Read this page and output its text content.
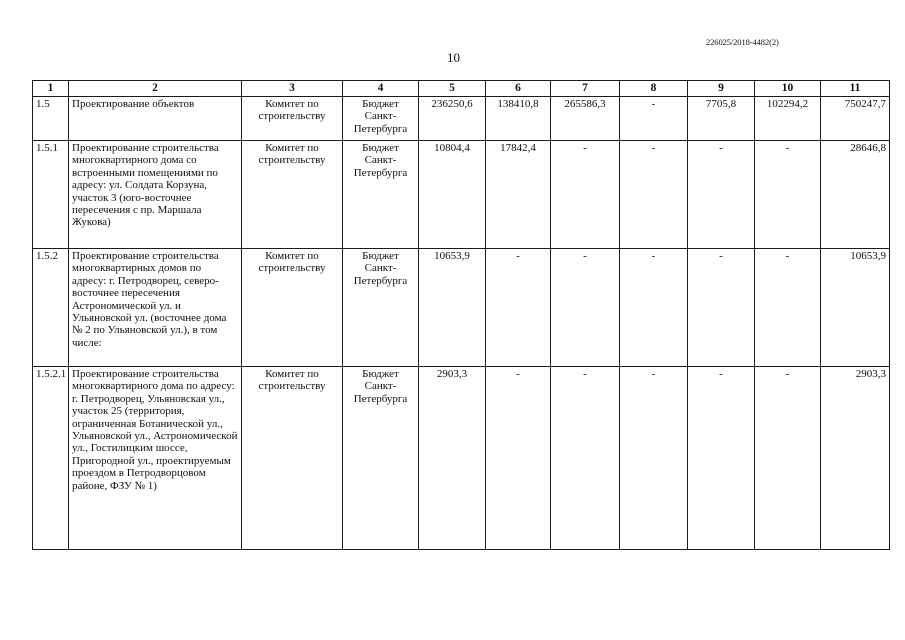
226025/2018-4482(2)
10
1	2	3	4	5	6	7	8	9	10	11
1.5	Проектирование объектов	Комитет по строительству	Бюджет Санкт-Петербурга	236250,6	138410,8	265586,3	-	7705,8	102294,2	750247,7
1.5.1	Проектирование строительства многоквартирного дома со встроенными помещениями по адресу: ул. Солдата Корзуна, участок 3 (юго-восточнее пересечения с пр. Маршала Жукова)	Комитет по строительству	Бюджет Санкт-Петербурга	10804,4	17842,4	-	-	-	-	28646,8
1.5.2	Проектирование строительства многоквартирных домов по адресу: г. Петродворец, северо-восточнее пересечения Астрономической ул. и Ульяновской ул. (восточнее дома № 2 по Ульяновской ул.), в том числе:	Комитет по строительству	Бюджет Санкт-Петербурга	10653,9	-	-	-	-	-	10653,9
1.5.2.1	Проектирование строительства многоквартирного дома по адресу: г. Петродворец, Ульяновская ул., участок 25 (территория, ограниченная Ботанической ул., Ульяновской ул., Астрономической ул., Гостилицким шоссе, Пригородной ул., проектируемым проездом в Петродворцовом районе, ФЗУ № 1)	Комитет по строительству	Бюджет Санкт-Петербурга	2903,3	-	-	-	-	-	2903,3
